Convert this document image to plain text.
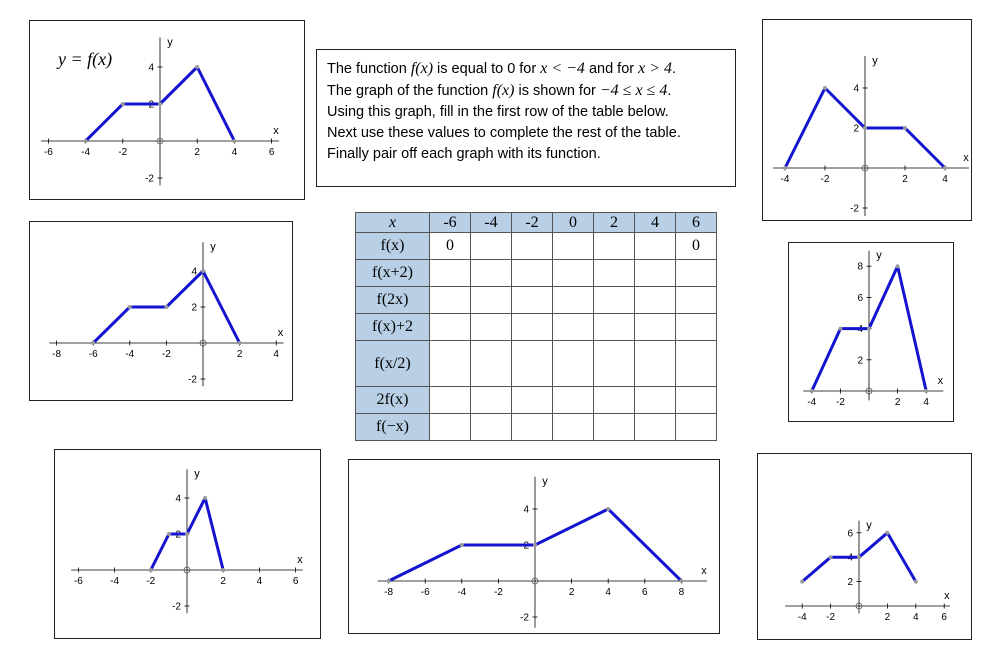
-6	-4	-2	2	4	6
-2
2
4
x
y
y = f(x)
-4	-2	2	4
-2
2
4
x
y
-8	-6	-4	-2	2	4
-2
2
4
x
y
-4 -2	2 4
2
4
6
8
x
y
-6	-4	-2	2	4	6
-2
2
4
x
y
-8	-6	-4	-2	2	4	6	8
-2
2
4
x
y
-4 -2	2 4 6
2
4
6
x
y

The function f(x) is equal to 0 for x < −4 and for x > 4.

The graph of the function f(x) is shown for −4 ≤ x ≤ 4.

Using this graph, fill in the first row of the table below.

Next use these values to complete the rest of the table.

Finally pair off each graph with its function.

x	-6	-4	-2	0	2	4	6
f(x)	0						0
f(x+2)							
f(2x)							
f(x)+2							
f(x/2)							
2f(x)							
f(−x)							
